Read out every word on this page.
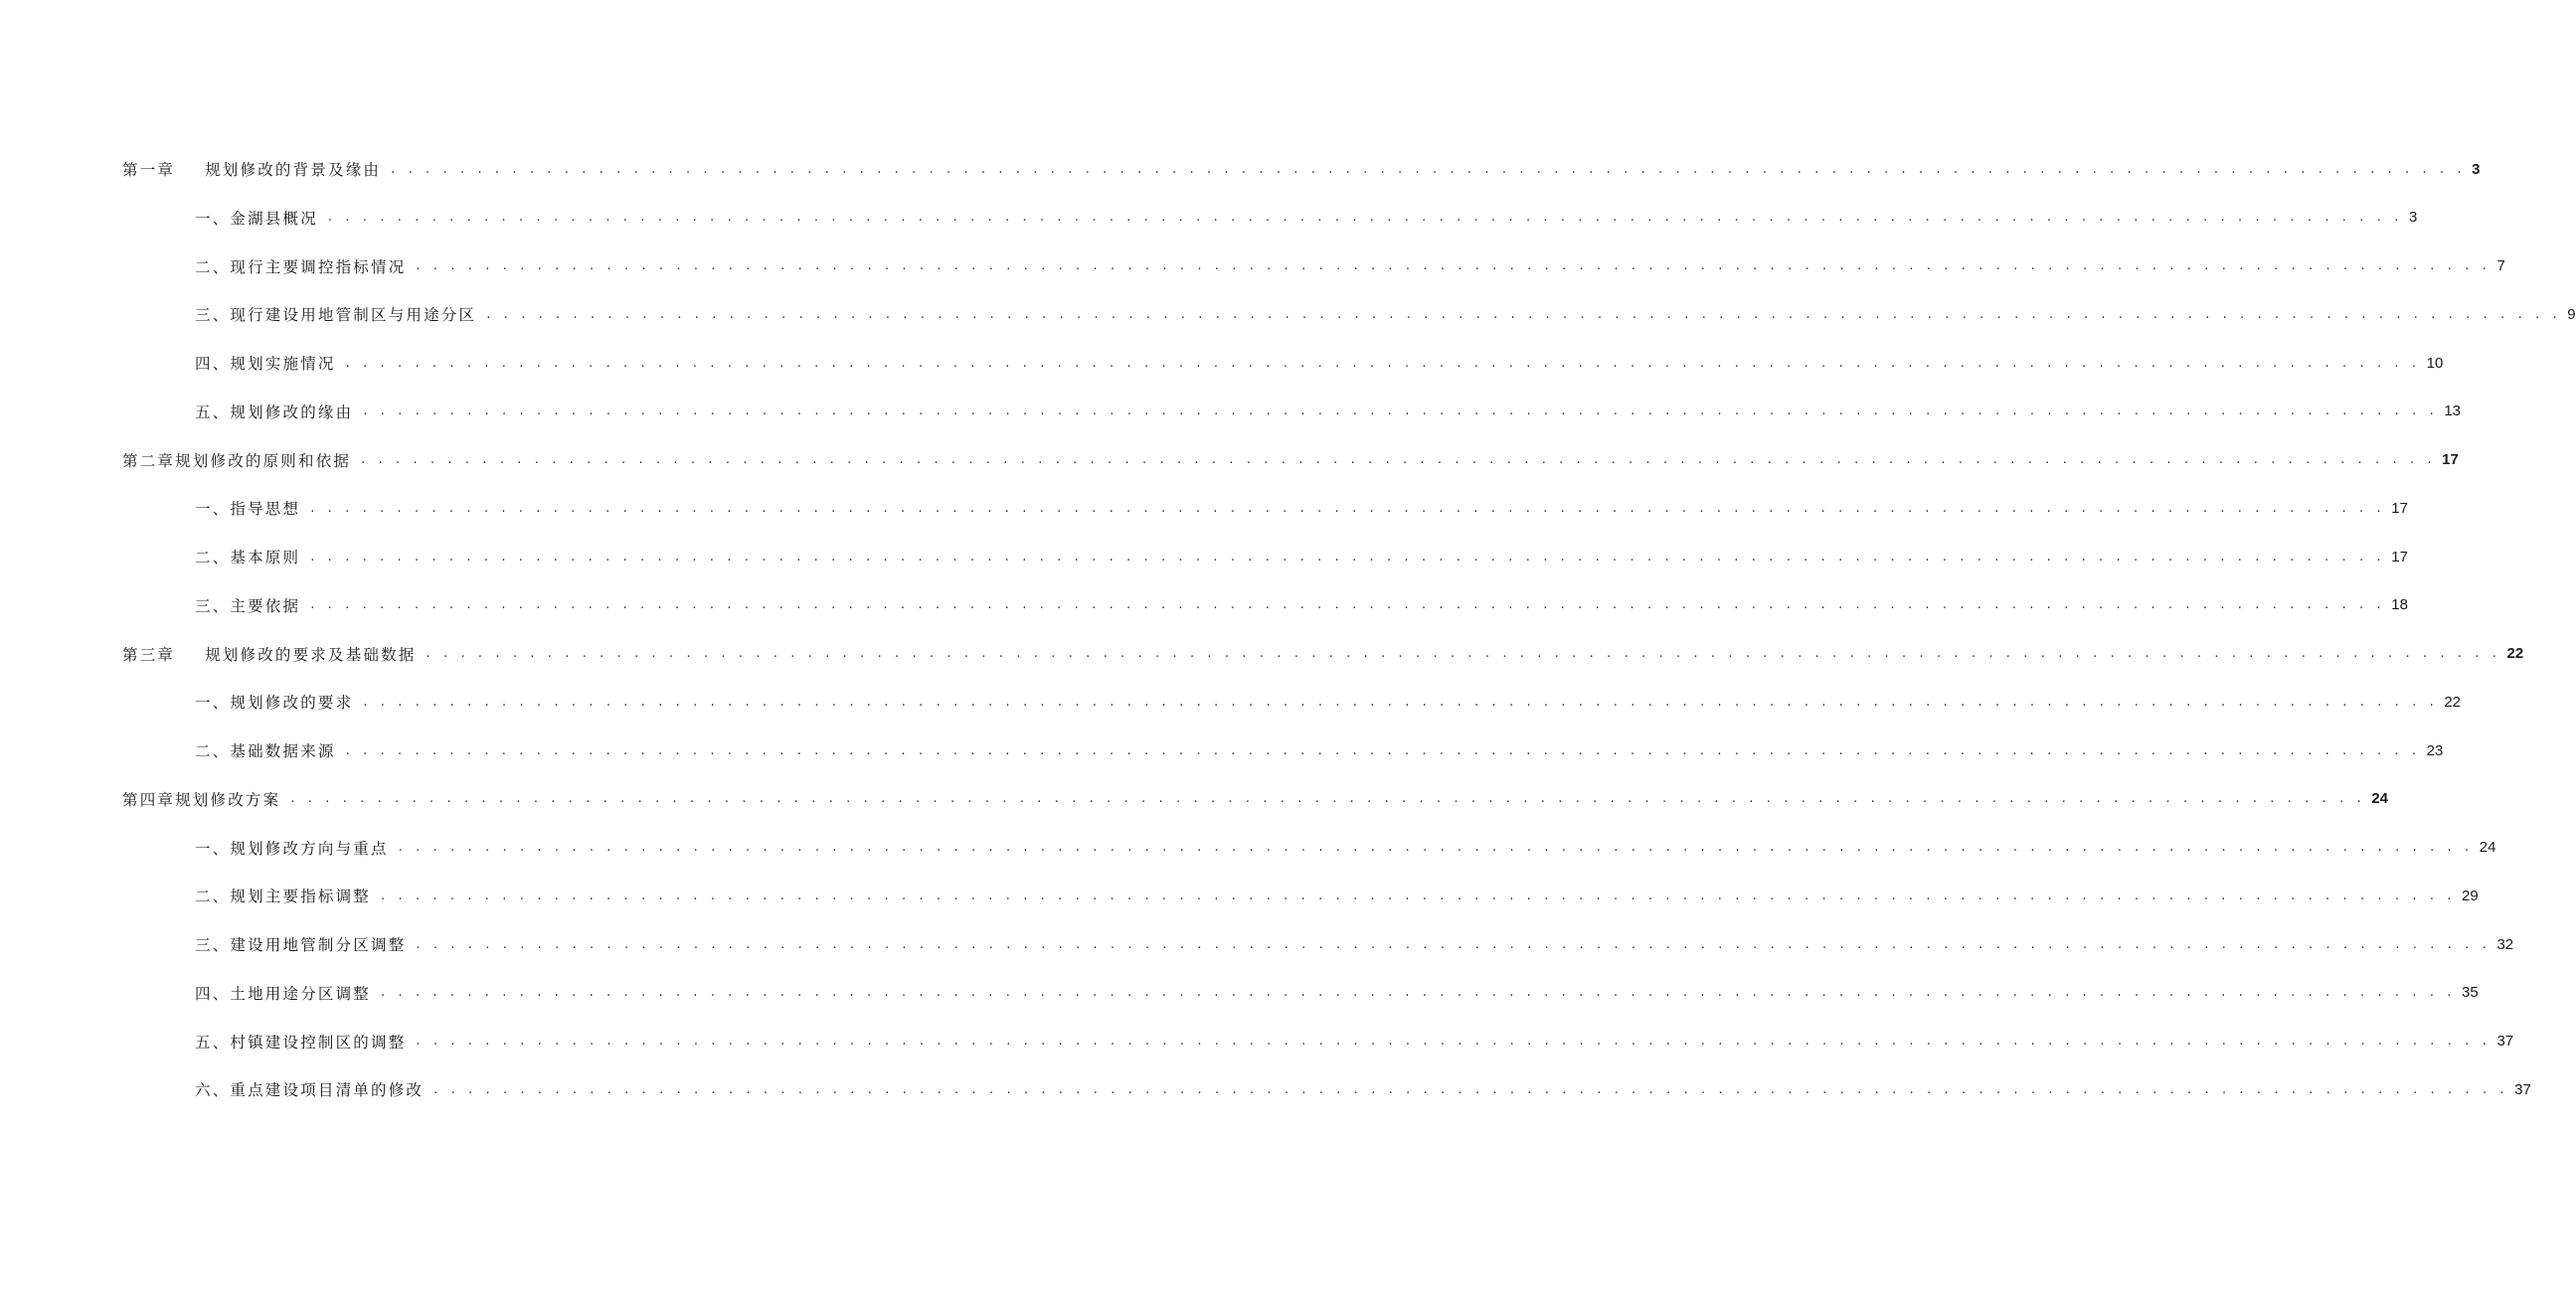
第一章 规划修改的背景及缘由 . . . . . . . . . . . . . . . . . . . . . . . . . . . . . . . . . . . . . . . . . . . . . . . . . . . . . . . . . . . . . . . . . . . . . . . . . . . . . . . . . . . . . . . . . . . . . . . . . . . . . . . . . . . . . . . . . . . . . . . . 3
一、金湖县概况 . . . . . . . . . . . . . . . . . . . . . . . . . . . . . . . . . . . . . . . . . . . . . . . . . . . . . . . . . . . . . . . . . . . . . . . . . . . . . . . . . . . . . . . . . . . . . . . . . . . . . . . . . . . . . . . . . . . . . . . . 3
二、现行主要调控指标情况 . . . . . . . . . . . . . . . . . . . . . . . . . . . . . . . . . . . . . . . . . . . . . . . . . . . . . . . . . . . . . . . . . . . . . . . . . . . . . . . . . . . . . . . . . . . . . . . . . . . . . . . . . . . . . . . . . . . . . . . . 7
三、现行建设用地管制区与用途分区 . . . . . . . . . . . . . . . . . . . . . . . . . . . . . . . . . . . . . . . . . . . . . . . . . . . . . . . . . . . . . . . . . . . . . . . . . . . . . . . . . . . . . . . . . . . . . . . . . . . . . . . . . . . . . . . . . . . . . . . . 9
四、规划实施情况 . . . . . . . . . . . . . . . . . . . . . . . . . . . . . . . . . . . . . . . . . . . . . . . . . . . . . . . . . . . . . . . . . . . . . . . . . . . . . . . . . . . . . . . . . . . . . . . . . . . . . . . . . . . . . . . . . . . . . . . . 10
五、规划修改的缘由 . . . . . . . . . . . . . . . . . . . . . . . . . . . . . . . . . . . . . . . . . . . . . . . . . . . . . . . . . . . . . . . . . . . . . . . . . . . . . . . . . . . . . . . . . . . . . . . . . . . . . . . . . . . . . . . . . . . . . . . . 13
第二章规划修改的原则和依据 . . . . . . . . . . . . . . . . . . . . . . . . . . . . . . . . . . . . . . . . . . . . . . . . . . . . . . . . . . . . . . . . . . . . . . . . . . . . . . . . . . . . . . . . . . . . . . . . . . . . . . . . . . . . . . . . . . . . . . . . 17
一、指导思想 . . . . . . . . . . . . . . . . . . . . . . . . . . . . . . . . . . . . . . . . . . . . . . . . . . . . . . . . . . . . . . . . . . . . . . . . . . . . . . . . . . . . . . . . . . . . . . . . . . . . . . . . . . . . . . . . . . . . . . . . 17
二、基本原则 . . . . . . . . . . . . . . . . . . . . . . . . . . . . . . . . . . . . . . . . . . . . . . . . . . . . . . . . . . . . . . . . . . . . . . . . . . . . . . . . . . . . . . . . . . . . . . . . . . . . . . . . . . . . . . . . . . . . . . . . 17
三、主要依据 . . . . . . . . . . . . . . . . . . . . . . . . . . . . . . . . . . . . . . . . . . . . . . . . . . . . . . . . . . . . . . . . . . . . . . . . . . . . . . . . . . . . . . . . . . . . . . . . . . . . . . . . . . . . . . . . . . . . . . . . 18
第三章 规划修改的要求及基础数据 . . . . . . . . . . . . . . . . . . . . . . . . . . . . . . . . . . . . . . . . . . . . . . . . . . . . . . . . . . . . . . . . . . . . . . . . . . . . . . . . . . . . . . . . . . . . . . . . . . . . . . . . . . . . . . . . . . . . . . . . 22
一、规划修改的要求 . . . . . . . . . . . . . . . . . . . . . . . . . . . . . . . . . . . . . . . . . . . . . . . . . . . . . . . . . . . . . . . . . . . . . . . . . . . . . . . . . . . . . . . . . . . . . . . . . . . . . . . . . . . . . . . . . . . . . . . . 22
二、基础数据来源 . . . . . . . . . . . . . . . . . . . . . . . . . . . . . . . . . . . . . . . . . . . . . . . . . . . . . . . . . . . . . . . . . . . . . . . . . . . . . . . . . . . . . . . . . . . . . . . . . . . . . . . . . . . . . . . . . . . . . . . . 23
第四章规划修改方案 . . . . . . . . . . . . . . . . . . . . . . . . . . . . . . . . . . . . . . . . . . . . . . . . . . . . . . . . . . . . . . . . . . . . . . . . . . . . . . . . . . . . . . . . . . . . . . . . . . . . . . . . . . . . . . . . . . . . . . . . 24
一、规划修改方向与重点 . . . . . . . . . . . . . . . . . . . . . . . . . . . . . . . . . . . . . . . . . . . . . . . . . . . . . . . . . . . . . . . . . . . . . . . . . . . . . . . . . . . . . . . . . . . . . . . . . . . . . . . . . . . . . . . . . . . . . . . . 24
二、规划主要指标调整 . . . . . . . . . . . . . . . . . . . . . . . . . . . . . . . . . . . . . . . . . . . . . . . . . . . . . . . . . . . . . . . . . . . . . . . . . . . . . . . . . . . . . . . . . . . . . . . . . . . . . . . . . . . . . . . . . . . . . . . . 29
三、建设用地管制分区调整 . . . . . . . . . . . . . . . . . . . . . . . . . . . . . . . . . . . . . . . . . . . . . . . . . . . . . . . . . . . . . . . . . . . . . . . . . . . . . . . . . . . . . . . . . . . . . . . . . . . . . . . . . . . . . . . . . . . . . . . . 32
四、土地用途分区调整 . . . . . . . . . . . . . . . . . . . . . . . . . . . . . . . . . . . . . . . . . . . . . . . . . . . . . . . . . . . . . . . . . . . . . . . . . . . . . . . . . . . . . . . . . . . . . . . . . . . . . . . . . . . . . . . . . . . . . . . . 35
五、村镇建设控制区的调整 . . . . . . . . . . . . . . . . . . . . . . . . . . . . . . . . . . . . . . . . . . . . . . . . . . . . . . . . . . . . . . . . . . . . . . . . . . . . . . . . . . . . . . . . . . . . . . . . . . . . . . . . . . . . . . . . . . . . . . . . 37
六、重点建设项目清单的修改 . . . . . . . . . . . . . . . . . . . . . . . . . . . . . . . . . . . . . . . . . . . . . . . . . . . . . . . . . . . . . . . . . . . . . . . . . . . . . . . . . . . . . . . . . . . . . . . . . . . . . . . . . . . . . . . . . . . . . . . . 37
